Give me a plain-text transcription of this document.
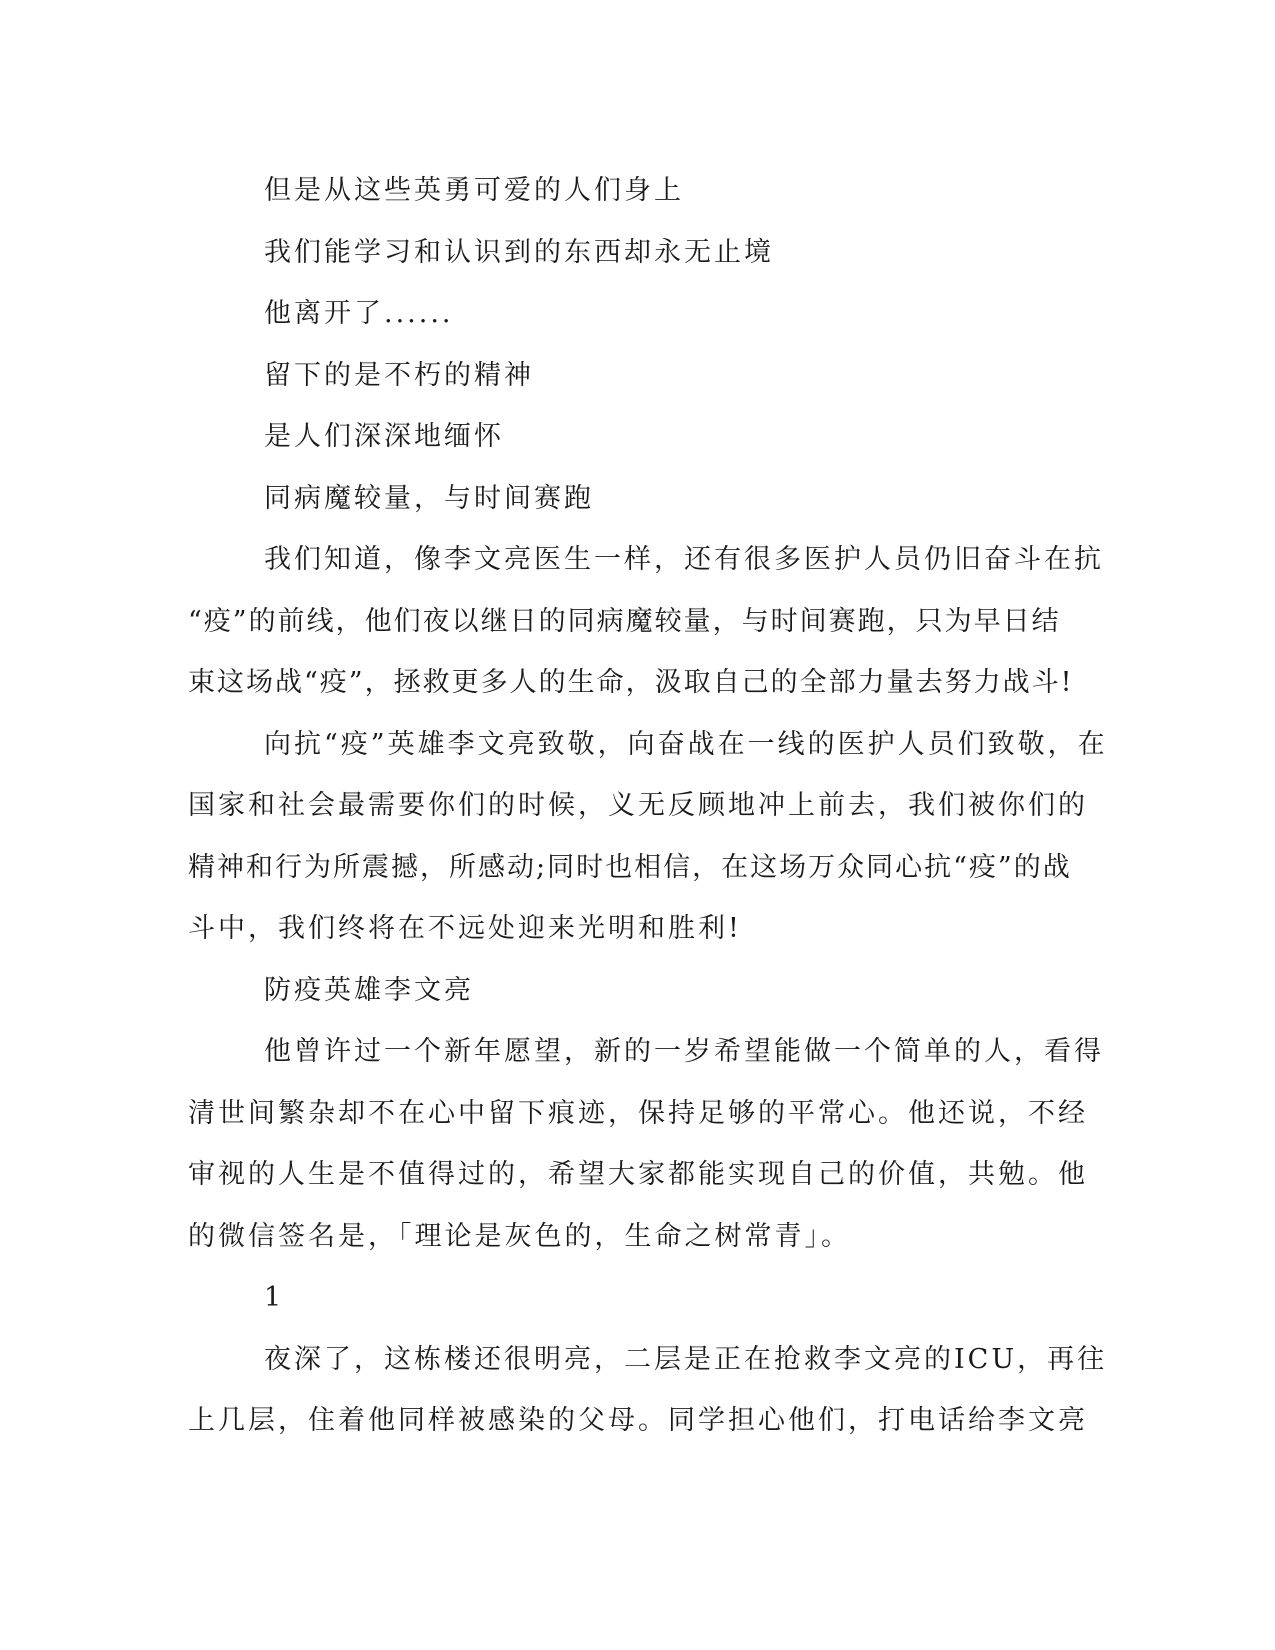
但是从这些英勇可爱的人们身上
我们能学习和认识到的东西却永无止境
他离开了......
留下的是不朽的精神
是人们深深地缅怀
同病魔较量，与时间赛跑
我们知道，像李文亮医生一样，还有很多医护人员仍旧奋斗在抗
“疫”的前线，他们夜以继日的同病魔较量，与时间赛跑，只为早日结
束这场战“疫”，拯救更多人的生命，汲取自己的全部力量去努力战斗!
向抗“疫”英雄李文亮致敬，向奋战在一线的医护人员们致敬，在
国家和社会最需要你们的时候，义无反顾地冲上前去，我们被你们的
精神和行为所震撼，所感动;同时也相信，在这场万众同心抗“疫”的战
斗中，我们终将在不远处迎来光明和胜利!
防疫英雄李文亮
他曾许过一个新年愿望，新的一岁希望能做一个简单的人，看得
清世间繁杂却不在心中留下痕迹，保持足够的平常心。他还说，不经
审视的人生是不值得过的，希望大家都能实现自己的价值，共勉。他
的微信签名是，「理论是灰色的，生命之树常青」。
1
夜深了，这栋楼还很明亮，二层是正在抢救李文亮的ICU，再往
上几层，住着他同样被感染的父母。同学担心他们，打电话给李文亮
